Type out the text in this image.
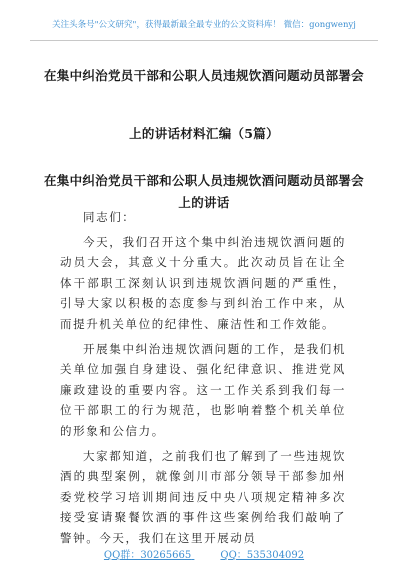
关注头条号"公文研究"，获得最新最全最专业的公文资料库！ 微信：gongwenyj
在集中纠治党员干部和公职人员违规饮酒问题动员部署会
上的讲话材料汇编（5篇）
在集中纠治党员干部和公职人员违规饮酒问题动员部署会
上的讲话

同志们：

今天，我们召开这个集中纠治违规饮酒问题的动员大会，其意义十分重大。此次动员旨在让全体干部职工深刻认识到违规饮酒问题的严重性，引导大家以积极的态度参与到纠治工作中来，从而提升机关单位的纪律性、廉洁性和工作效能。

开展集中纠治违规饮酒问题的工作，是我们机关单位加强自身建设、强化纪律意识、推进党风廉政建设的重要内容。这一工作关系到我们每一位干部职工的行为规范，也影响着整个机关单位的形象和公信力。

大家都知道，之前我们也了解到了一些违规饮酒的典型案例，就像剑川市部分领导干部参加州委党校学习培训期间违反中央八项规定精神多次接受宴请聚餐饮酒的事件这些案例给我们敲响了警钟。今天，我们在这里开展动员

QQ群：30265665	QQ：535304092
